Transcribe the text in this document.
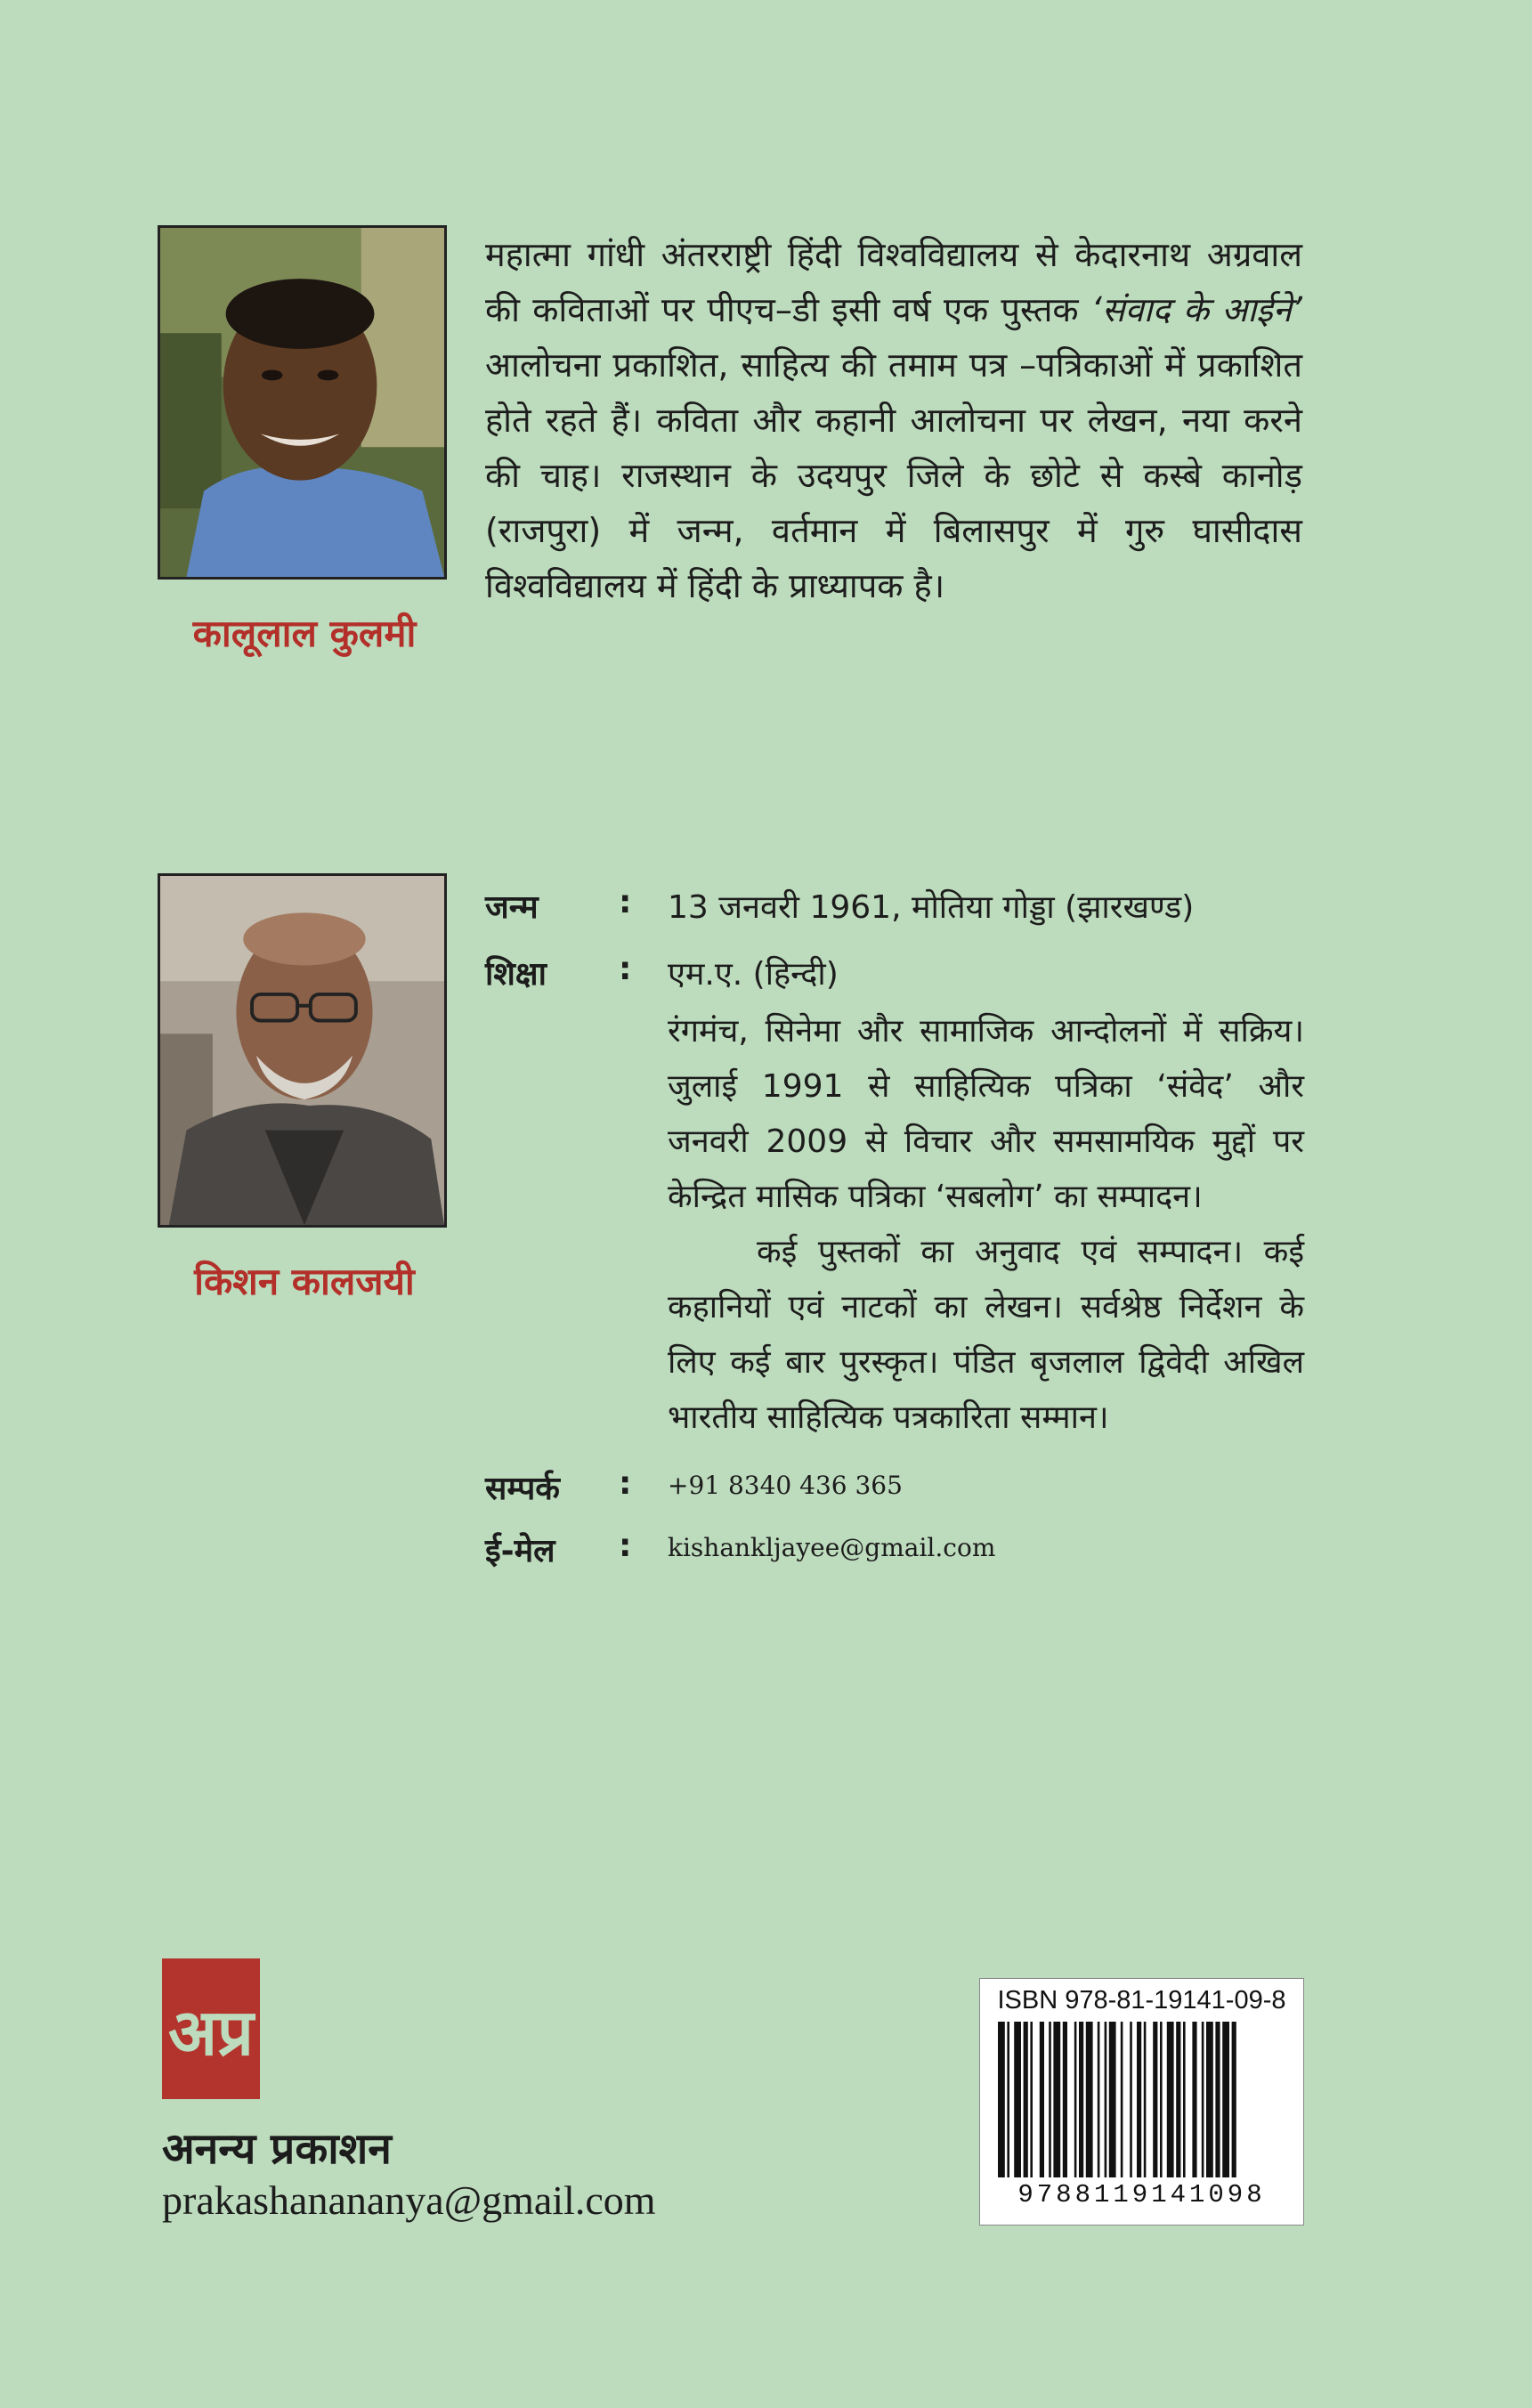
कालूलाल कुलमी
महात्मा गांधी अंतरराष्ट्री हिंदी विश्वविद्यालय से केदारनाथ अग्रवाल की कविताओं पर पीएच–डी इसी वर्ष एक पुस्तक ‘संवाद के आईने’ आलोचना प्रकाशित, साहित्य की तमाम पत्र –पत्रिकाओं में प्रकाशित होते रहते हैं। कविता और कहानी आलोचना पर लेखन, नया करने की चाह। राजस्थान के उदयपुर जिले के छोटे से कस्बे कानोड़ (राजपुरा) में जन्म, वर्तमान में बिलासपुर में गुरु घासीदास विश्वविद्यालय में हिंदी के प्राध्यापक है।
किशन कालजयी
जन्म	: 13 जनवरी 1961, मोतिया गोड्डा (झारखण्ड)
शिक्षा : एम.ए. (हिन्दी)

रंगमंच, सिनेमा और सामाजिक आन्दोलनों में सक्रिय। जुलाई 1991 से साहित्यिक पत्रिका ‘संवेद’ और जनवरी 2009 से विचार और समसामयिक मुद्दों पर केन्द्रित मासिक पत्रिका ‘सबलोग’ का सम्पादन।

कई पुस्तकों का अनुवाद एवं सम्पादन। कई कहानियों एवं नाटकों का लेखन। सर्वश्रेष्ठ निर्देशन के लिए कई बार पुरस्कृत। पंडित बृजलाल द्विवेदी अखिल भारतीय साहित्यिक पत्रकारिता सम्मान।

सम्पर्क : +91 8340 436 365
ई-मेल : kishankljayee@gmail.com
अप्र
अनन्य प्रकाशन
prakashanananya@gmail.com
ISBN 978-81-19141-09-8
9788119141098
